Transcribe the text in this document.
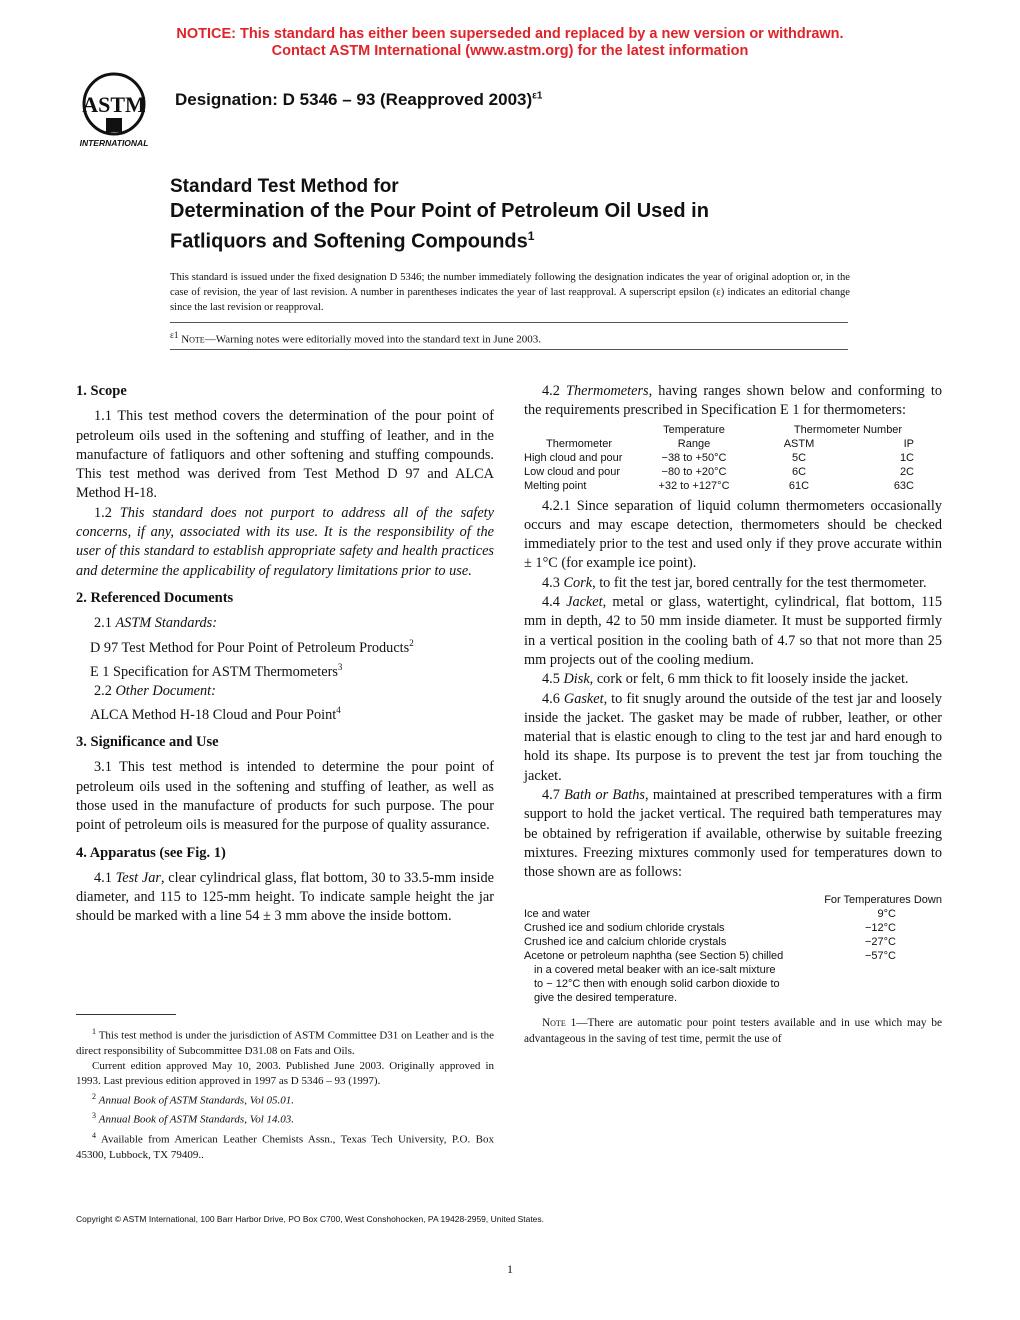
NOTICE: This standard has either been superseded and replaced by a new version or withdrawn.
Contact ASTM International (www.astm.org) for the latest information
ASTM
INTERNATIONAL
Designation: D 5346 – 93 (Reapproved 2003)$^{\varepsilon 1}$
Standard Test Method for
Determination of the Pour Point of Petroleum Oil Used in
Fatliquors and Softening Compounds$^1$
This standard is issued under the fixed designation D 5346; the number immediately following the designation indicates the year of original adoption or, in the case of revision, the year of last revision. A number in parentheses indicates the year of last reapproval. A superscript epsilon (ε) indicates an editorial change since the last revision or reapproval.
$^{\varepsilon 1}$ Note—Warning notes were editorially moved into the standard text in June 2003.
1. Scope

1.1 This test method covers the determination of the pour point of petroleum oils used in the softening and stuffing of leather, and in the manufacture of fatliquors and other softening and stuffing compounds. This test method was derived from Test Method D 97 and ALCA Method H-18.

1.2 This standard does not purport to address all of the safety concerns, if any, associated with its use. It is the responsibility of the user of this standard to establish appropriate safety and health practices and determine the applicability of regulatory limitations prior to use.

2. Referenced Documents

2.1 ASTM Standards:

D 97 Test Method for Pour Point of Petroleum Products$^2$

E 1 Specification for ASTM Thermometers$^3$

2.2 Other Document:

ALCA Method H-18 Cloud and Pour Point$^4$

3. Significance and Use

3.1 This test method is intended to determine the pour point of petroleum oils used in the softening and stuffing of leather, as well as those used in the manufacture of products for such purpose. The pour point of petroleum oils is measured for the purpose of quality assurance.

4. Apparatus (see Fig. 1)

4.1 Test Jar, clear cylindrical glass, flat bottom, 30 to 33.5-mm inside diameter, and 115 to 125-mm height. To indicate sample height the jar should be marked with a line 54 ± 3 mm above the inside bottom.

$^1$ This test method is under the jurisdiction of ASTM Committee D31 on Leather and is the direct responsibility of Subcommittee D31.08 on Fats and Oils.

Current edition approved May 10, 2003. Published June 2003. Originally approved in 1993. Last previous edition approved in 1997 as D 5346 – 93 (1997).

$^2$ Annual Book of ASTM Standards, Vol 05.01.

$^3$ Annual Book of ASTM Standards, Vol 14.03.

$^4$ Available from American Leather Chemists Assn., Texas Tech University, P.O. Box 45300, Lubbock, TX 79409..

4.2 Thermometers, having ranges shown below and conforming to the requirements prescribed in Specification E 1 for thermometers:

	Temperature	Thermometer Number	
Thermometer	Range	ASTM	IP
High cloud and pour	−38 to +50°C	5C	1C
Low cloud and pour	−80 to +20°C	6C	2C
Melting point	+32 to +127°C	61C	63C

4.2.1 Since separation of liquid column thermometers occasionally occurs and may escape detection, thermometers should be checked immediately prior to the test and used only if they prove accurate within ± 1°C (for example ice point).

4.3 Cork, to fit the test jar, bored centrally for the test thermometer.

4.4 Jacket, metal or glass, watertight, cylindrical, flat bottom, 115 mm in depth, 42 to 50 mm inside diameter. It must be supported firmly in a vertical position in the cooling bath of 4.7 so that not more than 25 mm projects out of the cooling medium.

4.5 Disk, cork or felt, 6 mm thick to fit loosely inside the jacket.

4.6 Gasket, to fit snugly around the outside of the test jar and loosely inside the jacket. The gasket may be made of rubber, leather, or other material that is elastic enough to cling to the test jar and hard enough to hold its shape. Its purpose is to prevent the test jar from touching the jacket.

4.7 Bath or Baths, maintained at prescribed temperatures with a firm support to hold the jacket vertical. The required bath temperatures may be obtained by refrigeration if available, otherwise by suitable freezing mixtures. Freezing mixtures commonly used for temperatures down to those shown are as follows:

	For Temperatures Down
Ice and water	9°C
Crushed ice and sodium chloride crystals	−12°C
Crushed ice and calcium chloride crystals	−27°C
Acetone or petroleum naphtha (see Section 5) chilled	−57°C
in a covered metal beaker with an ice-salt mixture	
to − 12°C then with enough solid carbon dioxide to	
give the desired temperature.	

Note 1—There are automatic pour point testers available and in use which may be advantageous in the saving of test time, permit the use of

Copyright © ASTM International, 100 Barr Harbor Drive, PO Box C700, West Conshohocken, PA 19428-2959, United States.
1
